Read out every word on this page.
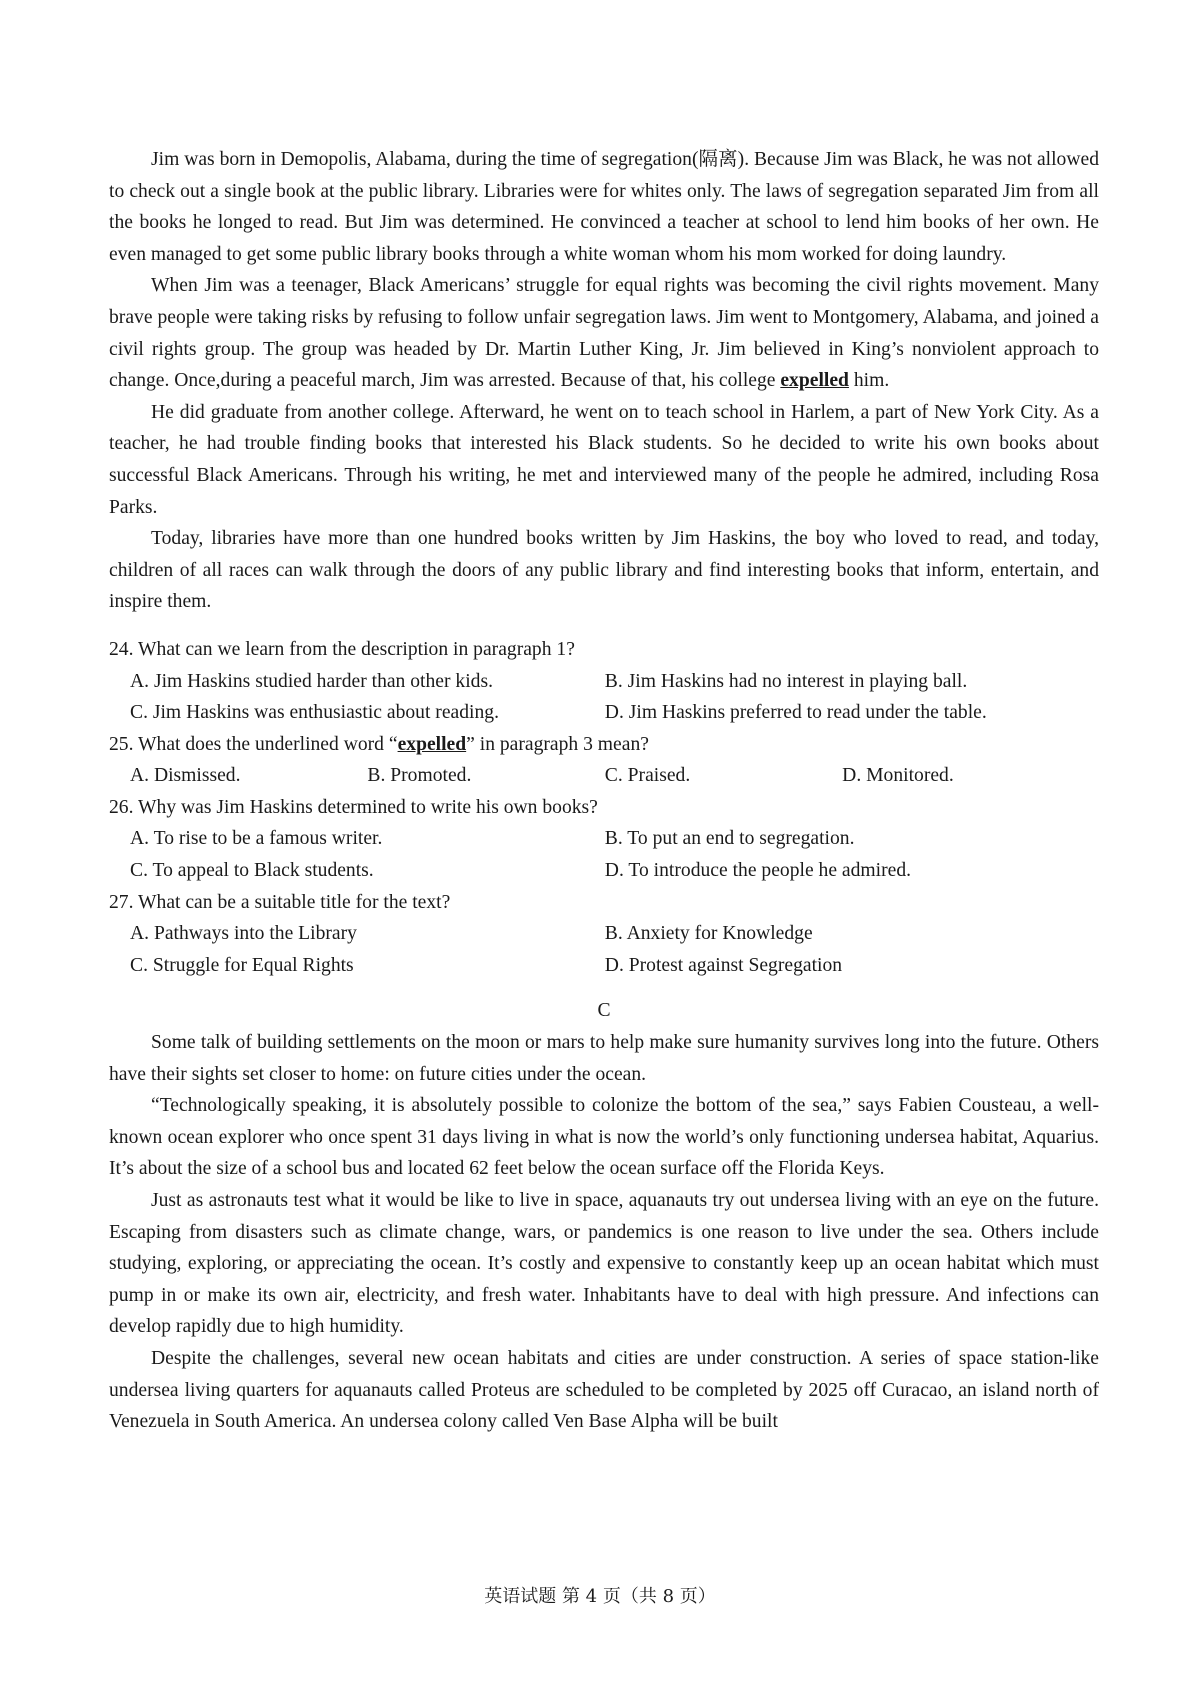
Jim was born in Demopolis, Alabama, during the time of segregation(隔离). Because Jim was Black, he was not allowed to check out a single book at the public library. Libraries were for whites only. The laws of segregation separated Jim from all the books he longed to read. But Jim was determined. He convinced a teacher at school to lend him books of her own. He even managed to get some public library books through a white woman whom his mom worked for doing laundry.

When Jim was a teenager, Black Americans’ struggle for equal rights was becoming the civil rights movement. Many brave people were taking risks by refusing to follow unfair segregation laws. Jim went to Montgomery, Alabama, and joined a civil rights group. The group was headed by Dr. Martin Luther King, Jr. Jim believed in King’s nonviolent approach to change. Once,during a peaceful march, Jim was arrested. Because of that, his college expelled him.

He did graduate from another college. Afterward, he went on to teach school in Harlem, a part of New York City. As a teacher, he had trouble finding books that interested his Black students. So he decided to write his own books about successful Black Americans. Through his writing, he met and interviewed many of the people he admired, including Rosa Parks.

Today, libraries have more than one hundred books written by Jim Haskins, the boy who loved to read, and today, children of all races can walk through the doors of any public library and find interesting books that inform, entertain, and inspire them.

24. What can we learn from the description in paragraph 1?

A. Jim Haskins studied harder than other kids.	B. Jim Haskins had no interest in playing ball.

C. Jim Haskins was enthusiastic about reading.	D. Jim Haskins preferred to read under the table.

25. What does the underlined word “expelled” in paragraph 3 mean?

A. Dismissed.	B. Promoted.	C. Praised.	D. Monitored.

26. Why was Jim Haskins determined to write his own books?

A. To rise to be a famous writer.	B. To put an end to segregation.

C. To appeal to Black students.	D. To introduce the people he admired.

27. What can be a suitable title for the text?

A. Pathways into the Library	B. Anxiety for Knowledge

C. Struggle for Equal Rights	D. Protest against Segregation

C

Some talk of building settlements on the moon or mars to help make sure humanity survives long into the future. Others have their sights set closer to home: on future cities under the ocean.

“Technologically speaking, it is absolutely possible to colonize the bottom of the sea,” says Fabien Cousteau, a well-known ocean explorer who once spent 31 days living in what is now the world’s only functioning undersea habitat, Aquarius. It’s about the size of a school bus and located 62 feet below the ocean surface off the Florida Keys.

Just as astronauts test what it would be like to live in space, aquanauts try out undersea living with an eye on the future. Escaping from disasters such as climate change, wars, or pandemics is one reason to live under the sea. Others include studying, exploring, or appreciating the ocean. It’s costly and expensive to constantly keep up an ocean habitat which must pump in or make its own air, electricity, and fresh water. Inhabitants have to deal with high pressure. And infections can develop rapidly due to high humidity.

Despite the challenges, several new ocean habitats and cities are under construction. A series of space station-like undersea living quarters for aquanauts called Proteus are scheduled to be completed by 2025 off Curacao, an island north of Venezuela in South America. An undersea colony called Ven Base Alpha will be built

英语试题 第 4 页（共 8 页）
